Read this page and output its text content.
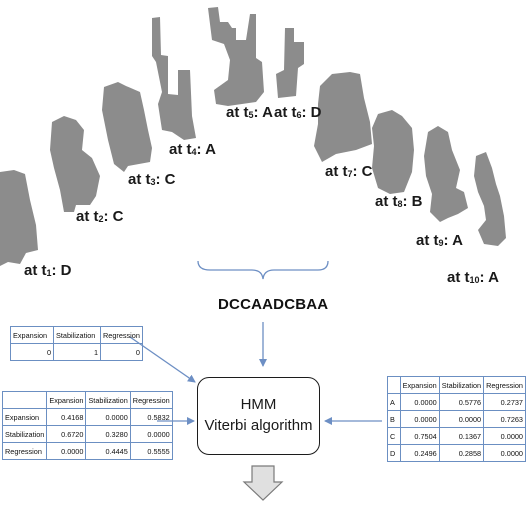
at t1: D
at t2: C
at t3: C
at t4: A
at t5: A at t6: D
at t7: C
at t8: B
at t9: A
at t10: A
DCCAADCBAA
Expansion	Stabilization	Regression
0	1	0
	Expansion	Stabilization	Regression
Expansion	0.4168	0.0000	0.5832
Stabilization	0.6720	0.3280	0.0000
Regression	0.0000	0.4445	0.5555
HMM
Viterbi algorithm
	Expansion	Stabilization	Regression
A	0.0000	0.5776	0.2737
B	0.0000	0.0000	0.7263
C	0.7504	0.1367	0.0000
D	0.2496	0.2858	0.0000
